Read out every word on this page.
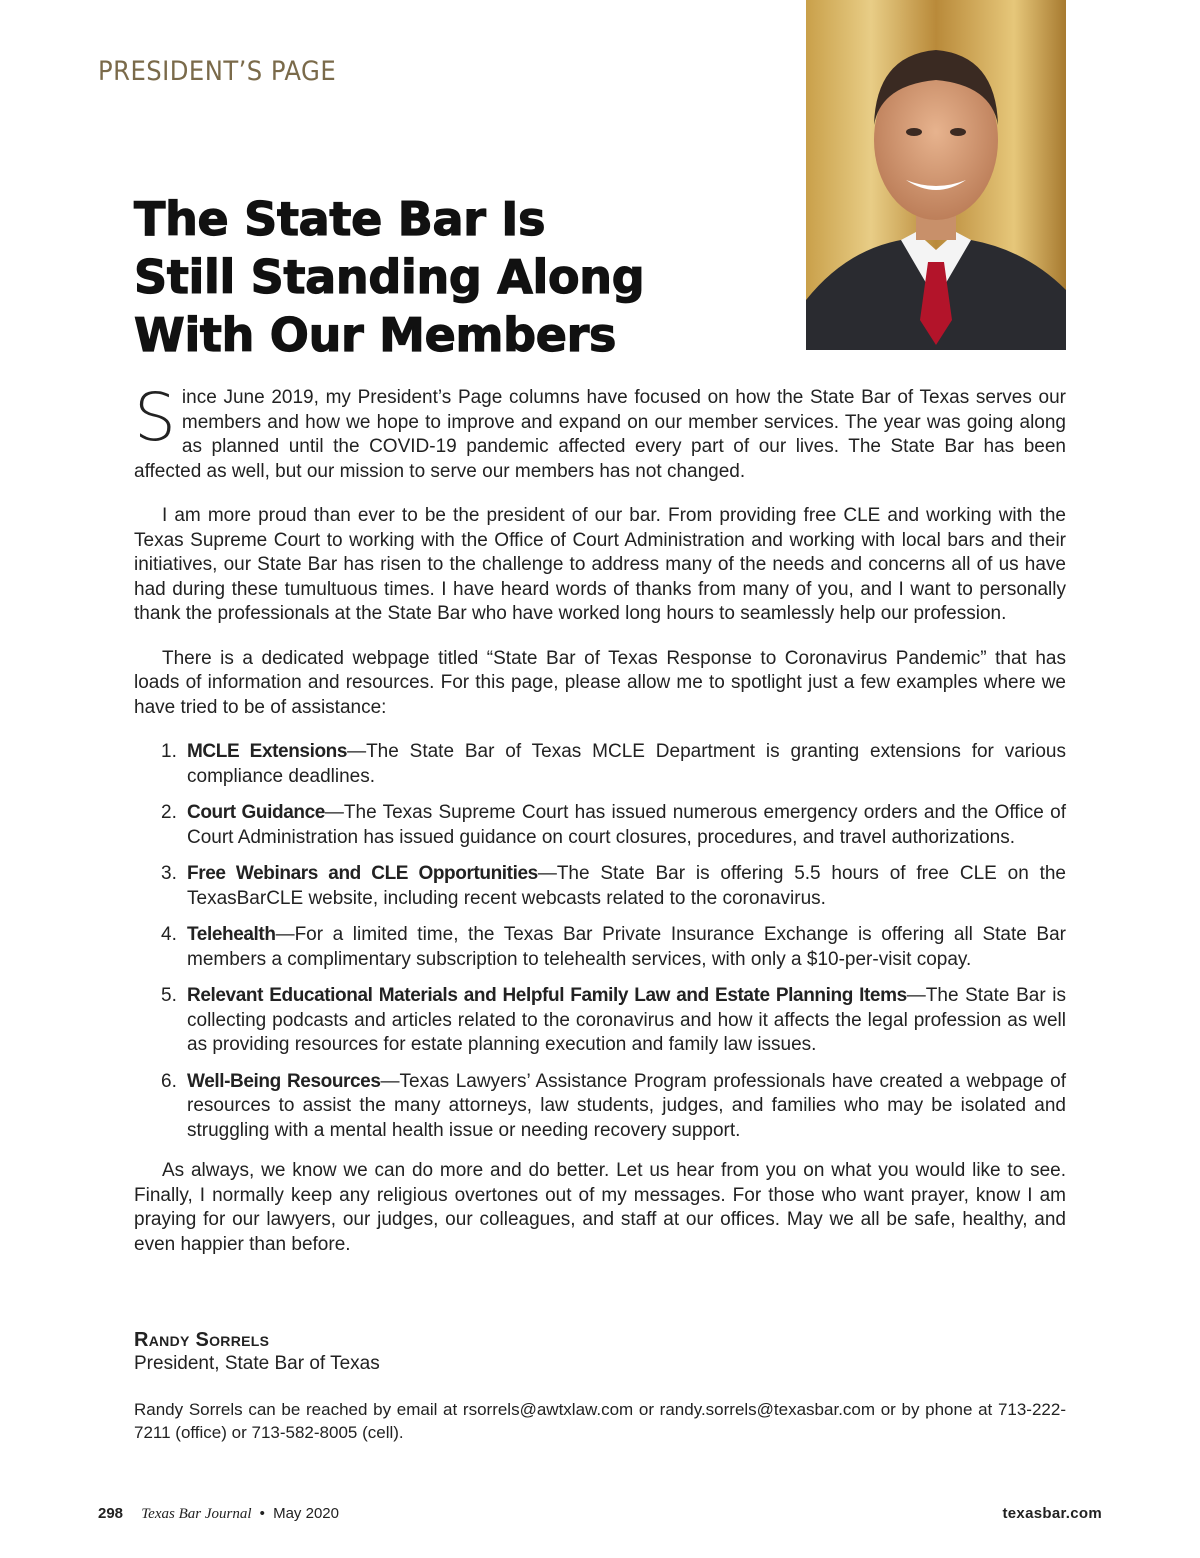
PRESIDENT’S PAGE
The State Bar Is
Still Standing Along
With Our Members

Since June 2019, my President’s Page columns have focused on how the State Bar of Texas serves our members and how we hope to improve and expand on our member services. The year was going along as planned until the COVID-19 pandemic affected every part of our lives. The State Bar has been affected as well, but our mission to serve our members has not changed.

I am more proud than ever to be the president of our bar. From providing free CLE and working with the Texas Supreme Court to working with the Office of Court Administration and working with local bars and their initiatives, our State Bar has risen to the challenge to address many of the needs and concerns all of us have had during these tumultuous times. I have heard words of thanks from many of you, and I want to personally thank the professionals at the State Bar who have worked long hours to seamlessly help our profession.

There is a dedicated webpage titled “State Bar of Texas Response to Coronavirus Pandemic” that has loads of information and resources. For this page, please allow me to spotlight just a few examples where we have tried to be of assistance:

1. MCLE Extensions—The State Bar of Texas MCLE Department is granting extensions for various compliance deadlines.
2. Court Guidance—The Texas Supreme Court has issued numerous emergency orders and the Office of Court Administration has issued guidance on court closures, procedures, and travel authorizations.
3. Free Webinars and CLE Opportunities—The State Bar is offering 5.5 hours of free CLE on the TexasBarCLE website, including recent webcasts related to the coronavirus.
4. Telehealth—For a limited time, the Texas Bar Private Insurance Exchange is offering all State Bar members a complimentary subscription to telehealth services, with only a $10-per-visit copay.
5. Relevant Educational Materials and Helpful Family Law and Estate Planning Items—The State Bar is collecting podcasts and articles related to the coronavirus and how it affects the legal profession as well as providing resources for estate planning execution and family law issues.
6. Well-Being Resources—Texas Lawyers’ Assistance Program professionals have created a webpage of resources to assist the many attorneys, law students, judges, and families who may be isolated and struggling with a mental health issue or needing recovery support.

As always, we know we can do more and do better. Let us hear from you on what you would like to see. Finally, I normally keep any religious overtones out of my messages. For those who want prayer, know I am praying for our lawyers, our judges, our colleagues, and staff at our offices. May we all be safe, healthy, and even happier than before.

Randy Sorrels
President, State Bar of Texas
Randy Sorrels can be reached by email at rsorrels@awtxlaw.com or randy.sorrels@texasbar.com or by phone at 713-222-7211 (office) or 713-582-8005 (cell).
298 Texas Bar Journal • May 2020	texasbar.com
